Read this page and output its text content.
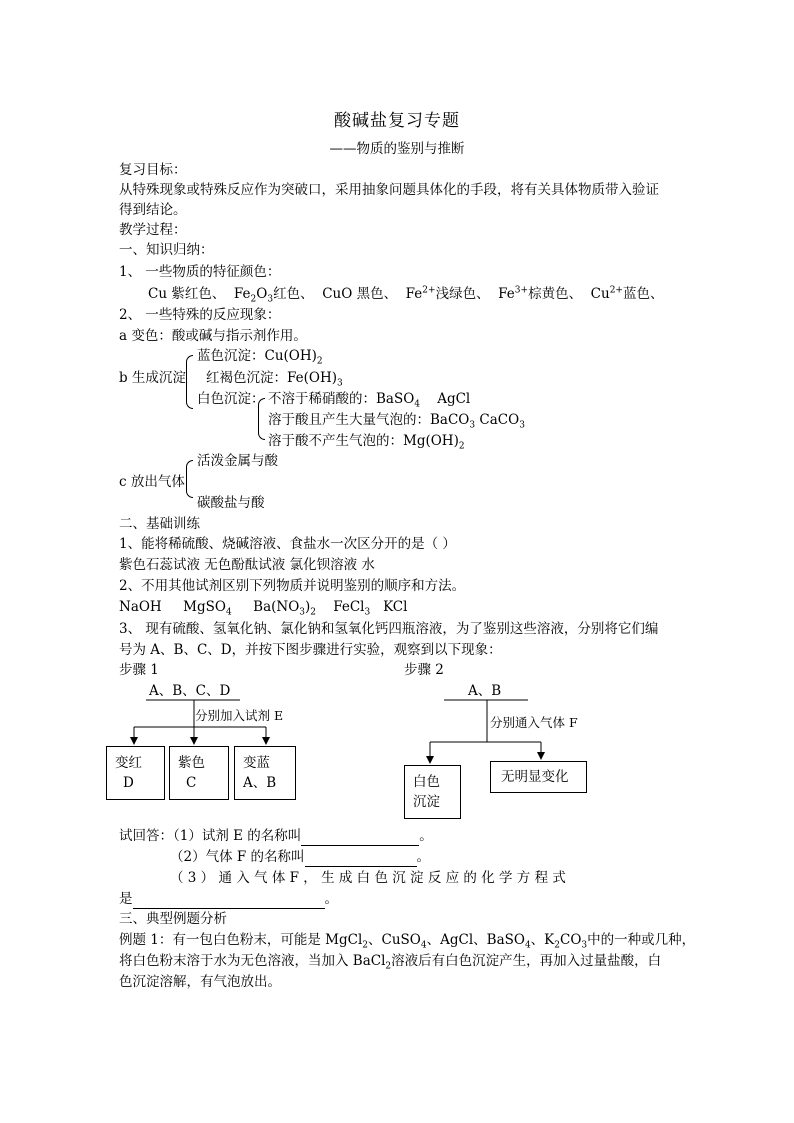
酸碱盐复习专题
——物质的鉴别与推断
复习目标：
从特殊现象或特殊反应作为突破口，采用抽象问题具体化的手段，将有关具体物质带入验证
得到结论。
教学过程：
一、知识归纳：
1、 一些物质的特征颜色：
Cu 紫红色、 $Fe_2O_3$红色、 CuO 黑色、 $Fe^{2+}$浅绿色、 $Fe^{3+}$棕黄色、 $Cu^{2+}$蓝色、
2、 一些特殊的反应现象：
a 变色：酸或碱与指示剂作用。
b 生成沉淀
蓝色沉淀：$Cu(OH)_2$
红褐色沉淀：$Fe(OH)_3$
白色沉淀： 不溶于稀硝酸的：BaSO$_4$ AgCl
溶于酸且产生大量气泡的：BaCO$_3$ CaCO$_3$
溶于酸不产生气泡的：$Mg(OH)_2$
c 放出气体
活泼金属与酸
碳酸盐与酸
二、基础训练
1、能将稀硫酸、烧碱溶液、食盐水一次区分开的是（ ）
紫色石蕊试液 无色酚酞试液 氯化钡溶液 水
2、不用其他试剂区别下列物质并说明鉴别的顺序和方法。
NaOH MgSO$_4$ $Ba(NO_3)_2$ FeCl$_3$ KCl
3、 现有硫酸、氢氧化钠、氯化钠和氢氧化钙四瓶溶液，为了鉴别这些溶液，分别将它们编
号为 A、B、C、D，并按下图步骤进行实验，观察到以下现象：
步骤 1	步骤 2
A、B、C、D
分别加入试剂 E
变红
D
紫色
C
变蓝
A、B
A、B
分别通入气体 F
白色
沉淀
无明显变化
试回答：（1）试剂 E 的名称叫	。
（2）气体 F 的名称叫	。
（ 3 ） 通 入 气 体 F ， 生 成 白 色 沉 淀 反 应 的 化 学 方 程 式
是	。
三、典型例题分析
例题 1：有一包白色粉末，可能是 MgCl$_2$、CuSO$_4$、AgCl、BaSO$_4$、$K_2CO_3$中的一种或几种，
将白色粉末溶于水为无色溶液，当加入 BaCl$_2$溶液后有白色沉淀产生，再加入过量盐酸，白
色沉淀溶解，有气泡放出。
